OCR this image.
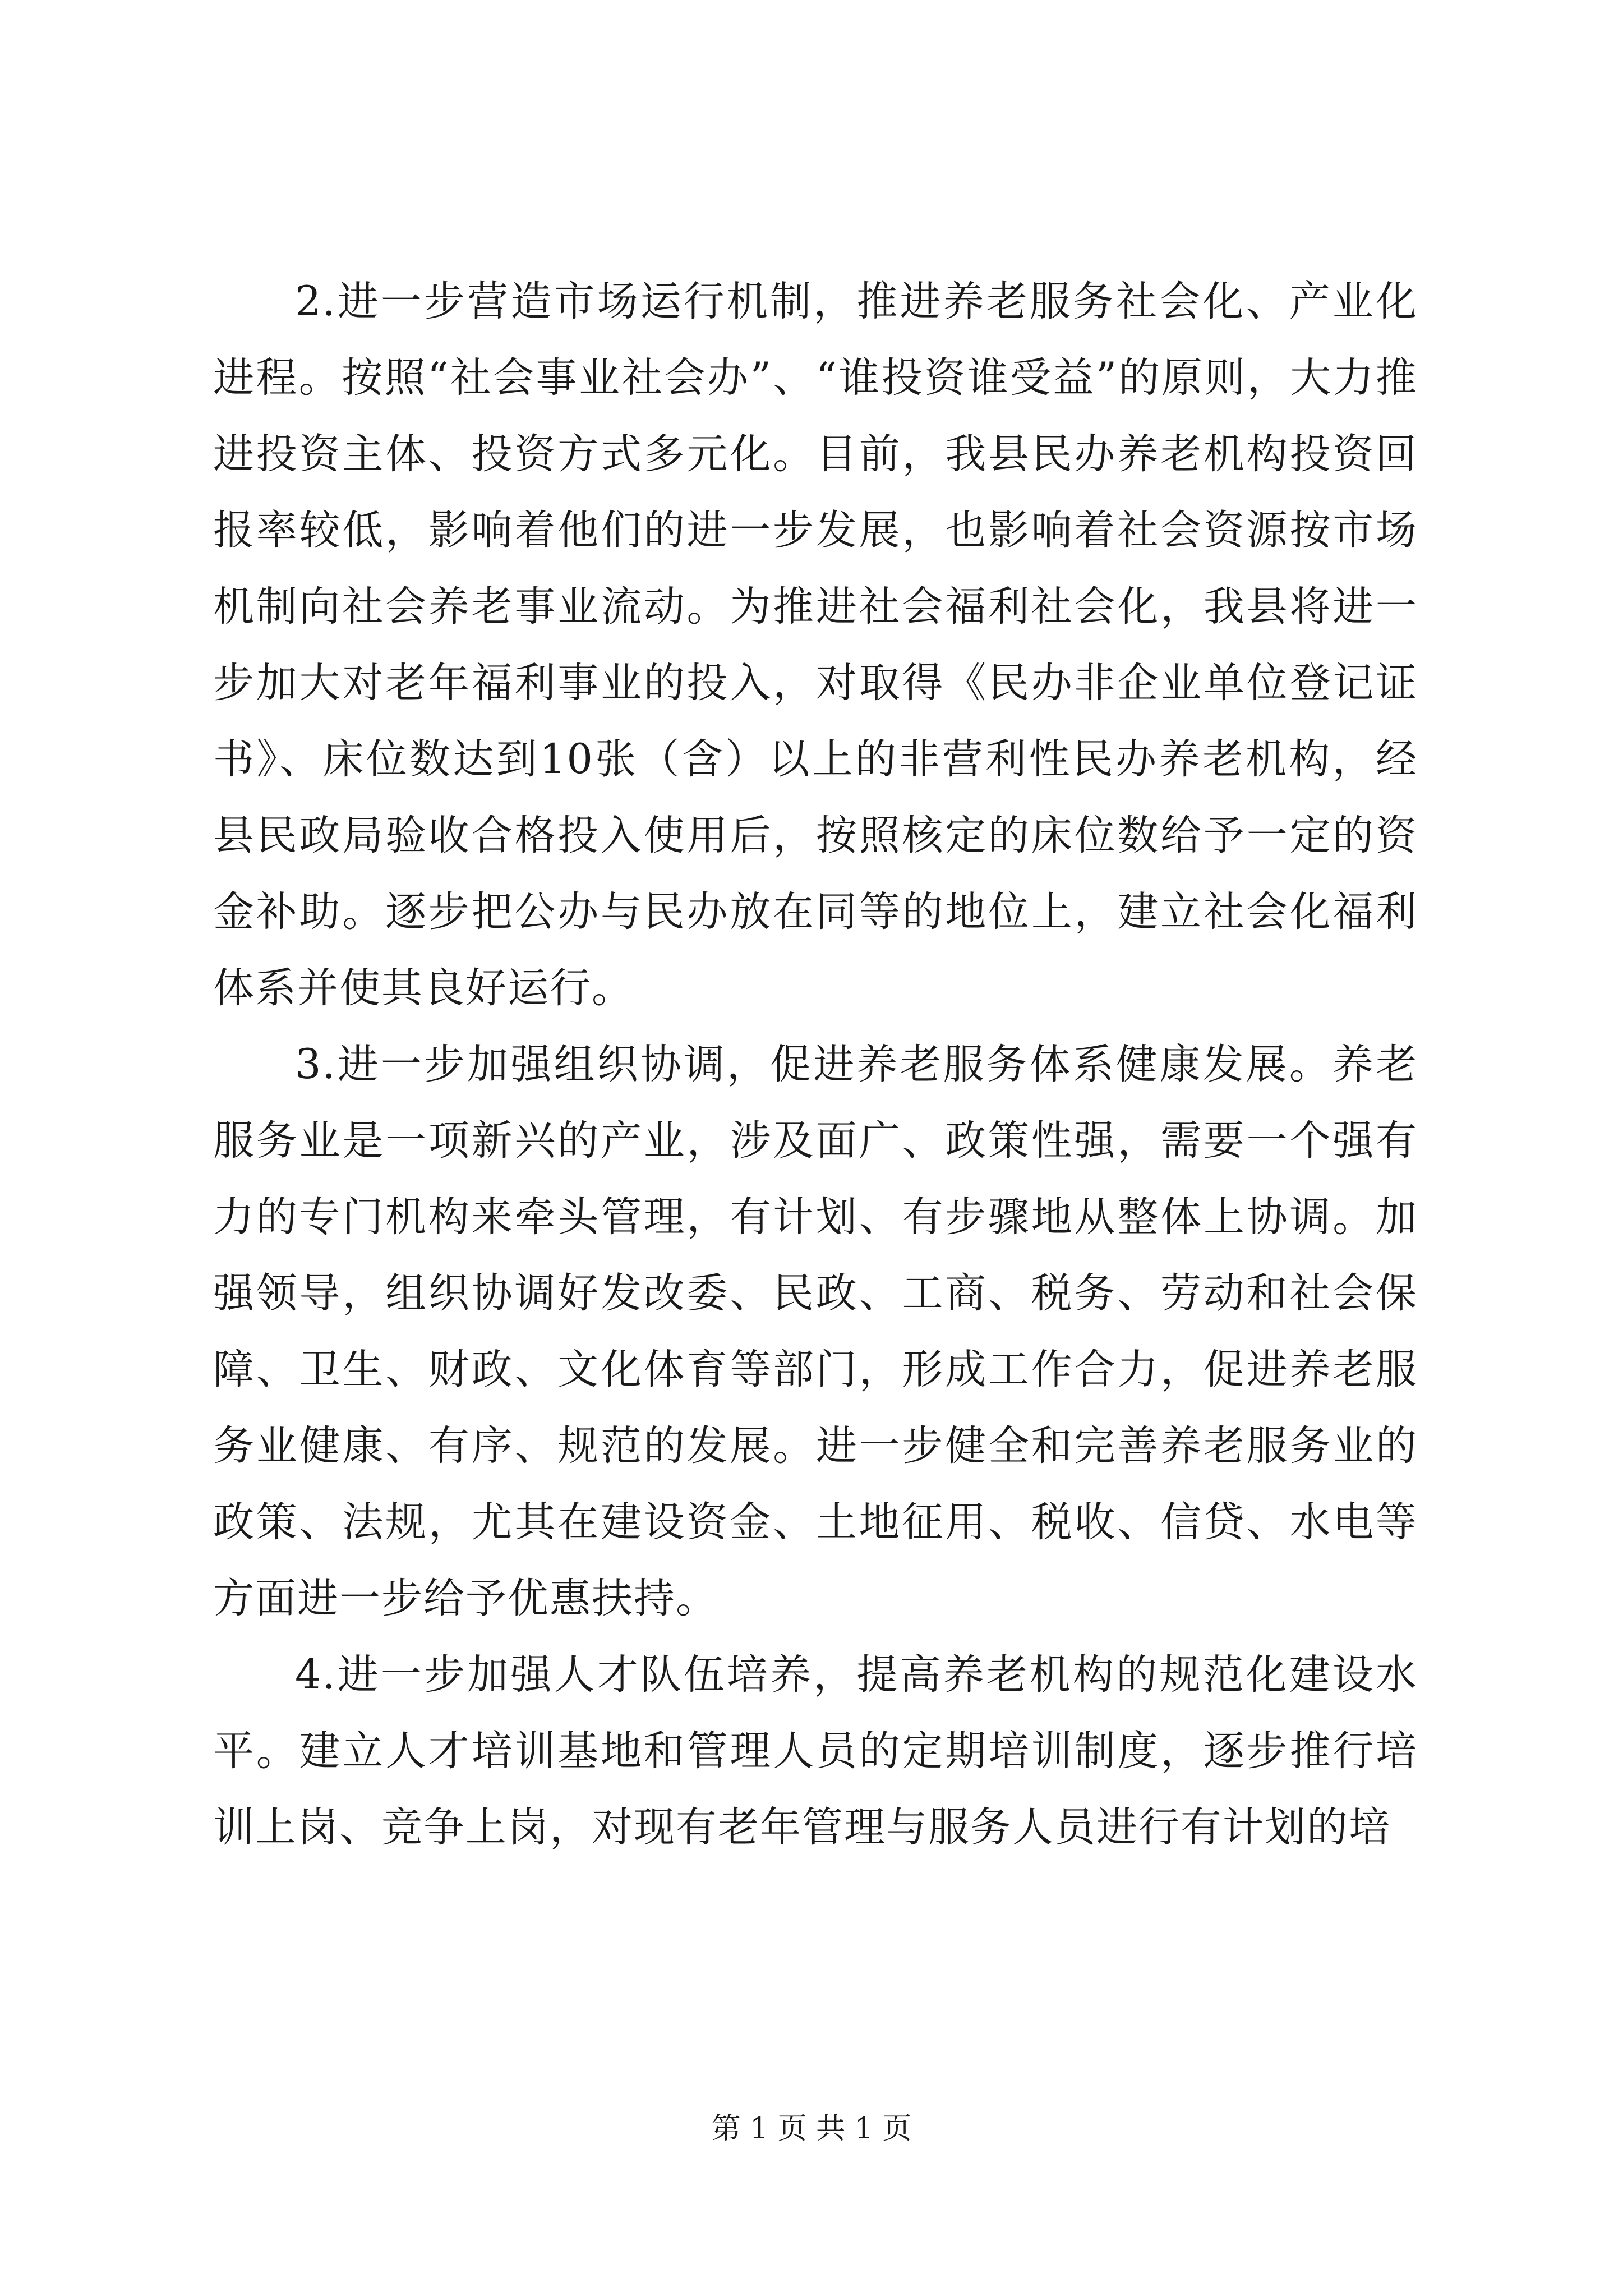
2.进一步营造市场运行机制，推进养老服务社会化、产业化进程。按照“社会事业社会办”、“谁投资谁受益”的原则，大力推进投资主体、投资方式多元化。目前，我县民办养老机构投资回报率较低，影响着他们的进一步发展，也影响着社会资源按市场机制向社会养老事业流动。为推进社会福利社会化，我县将进一步加大对老年福利事业的投入，对取得《民办非企业单位登记证书》、床位数达到10张（含）以上的非营利性民办养老机构，经县民政局验收合格投入使用后，按照核定的床位数给予一定的资金补助。逐步把公办与民办放在同等的地位上，建立社会化福利体系并使其良好运行。

3.进一步加强组织协调，促进养老服务体系健康发展。养老服务业是一项新兴的产业，涉及面广、政策性强，需要一个强有力的专门机构来牵头管理，有计划、有步骤地从整体上协调。加强领导，组织协调好发改委、民政、工商、税务、劳动和社会保障、卫生、财政、文化体育等部门，形成工作合力，促进养老服务业健康、有序、规范的发展。进一步健全和完善养老服务业的政策、法规，尤其在建设资金、土地征用、税收、信贷、水电等方面进一步给予优惠扶持。

4.进一步加强人才队伍培养，提高养老机构的规范化建设水平。建立人才培训基地和管理人员的定期培训制度，逐步推行培训上岗、竞争上岗，对现有老年管理与服务人员进行有计划的培

第 1 页 共 1 页
